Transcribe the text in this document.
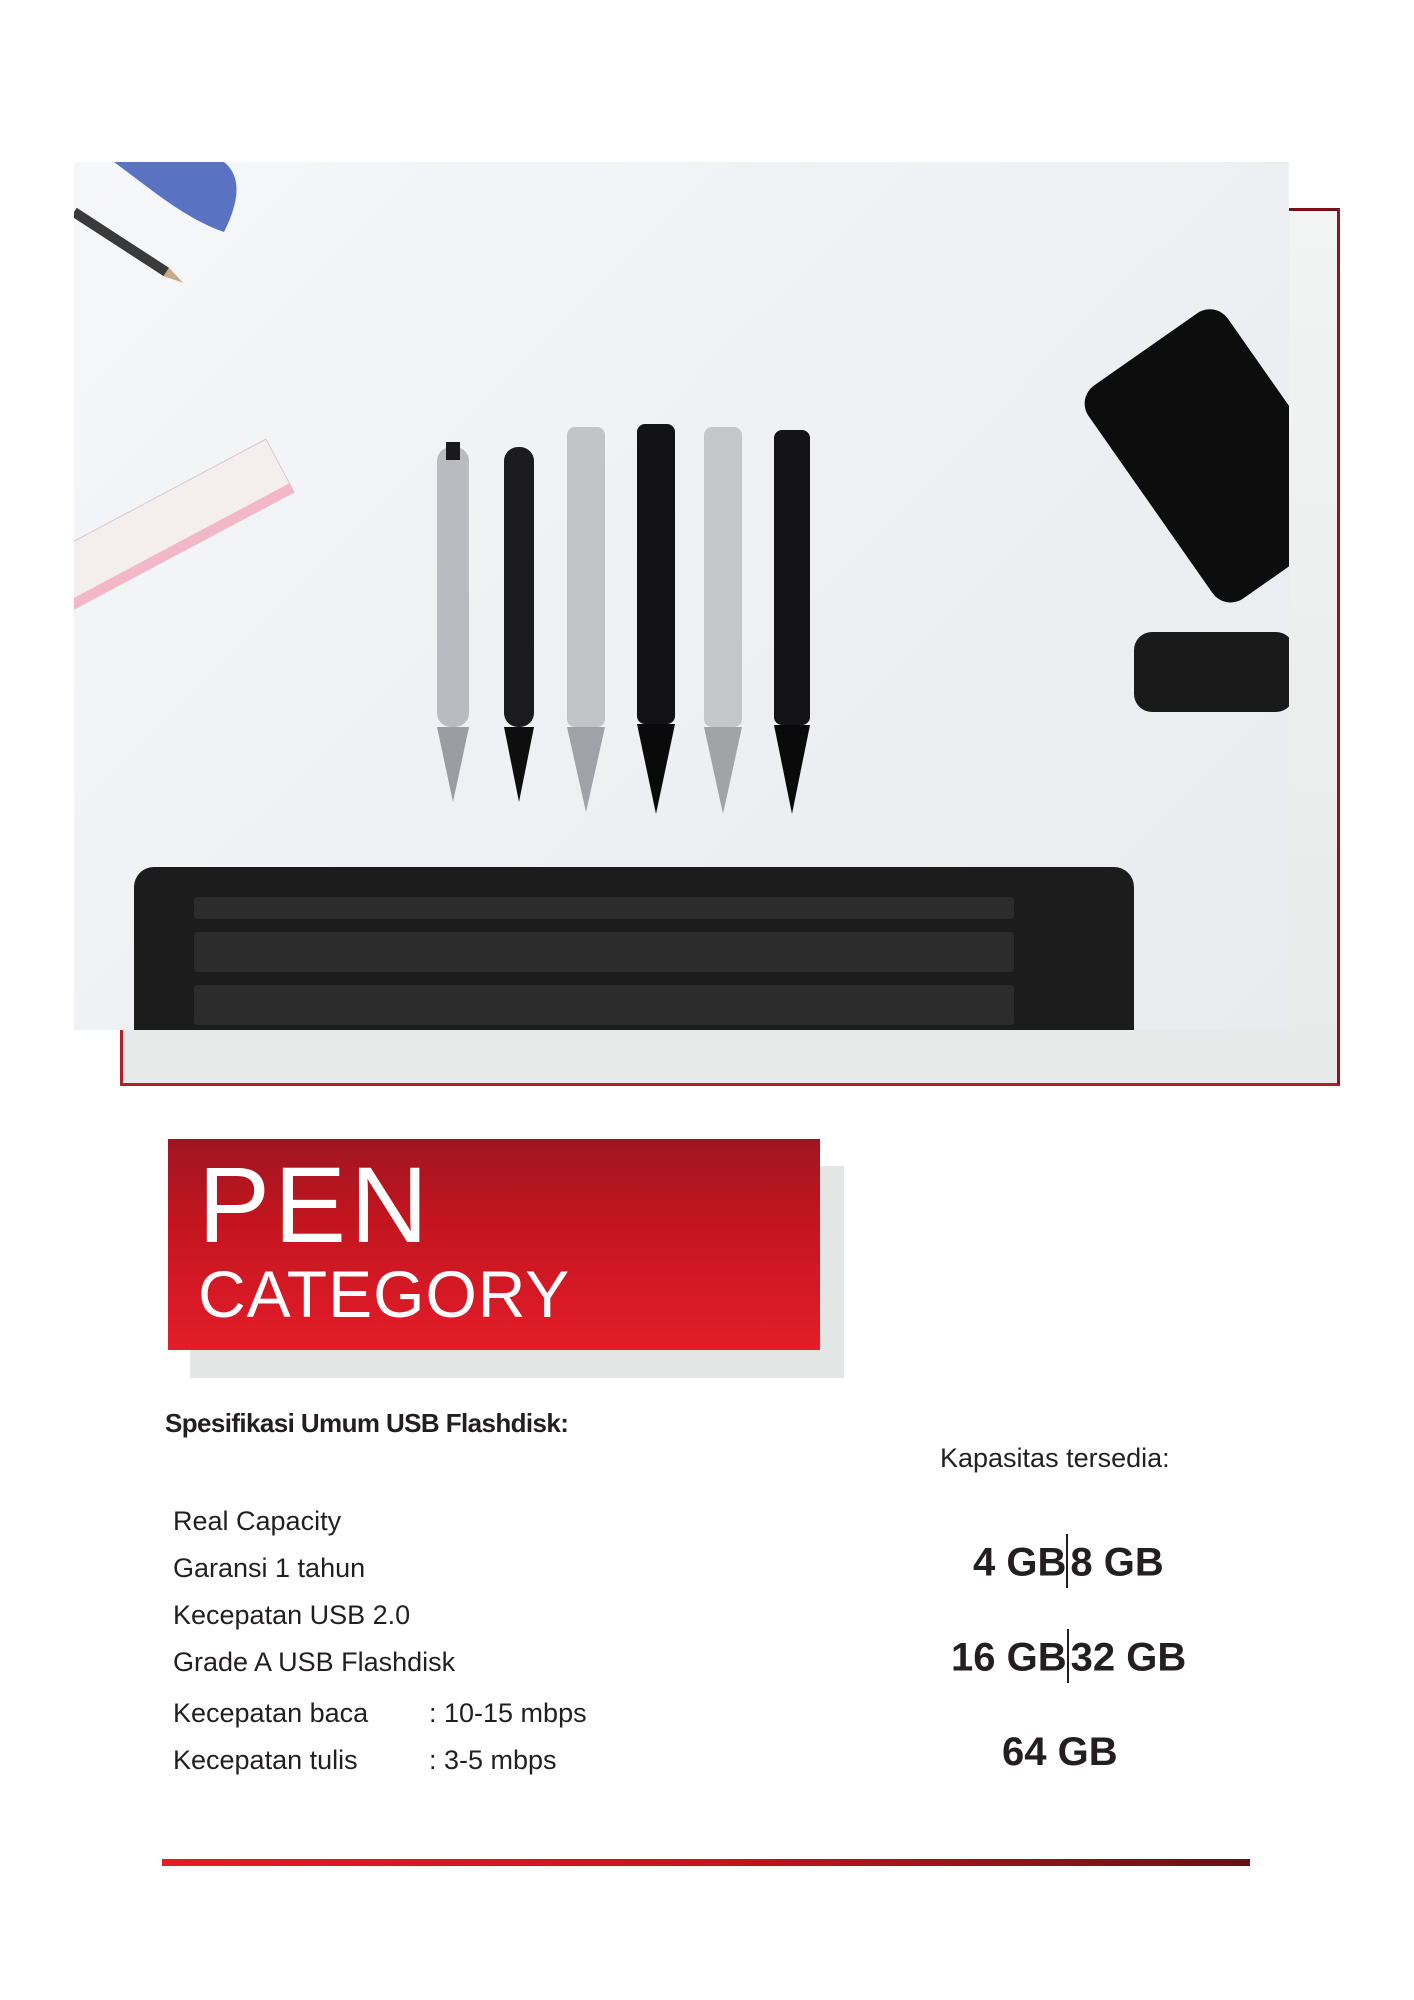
PEN
CATEGORY
Spesifikasi Umum USB Flashdisk:
Real Capacity
Garansi 1 tahun
Kecepatan USB 2.0
Grade A USB Flashdisk
Kecepatan baca	: 10-15 mbps
Kecepatan tulis	: 3-5 mbps
Kapasitas tersedia:
4 GB 8 GB
16 GB 32 GB
64 GB
